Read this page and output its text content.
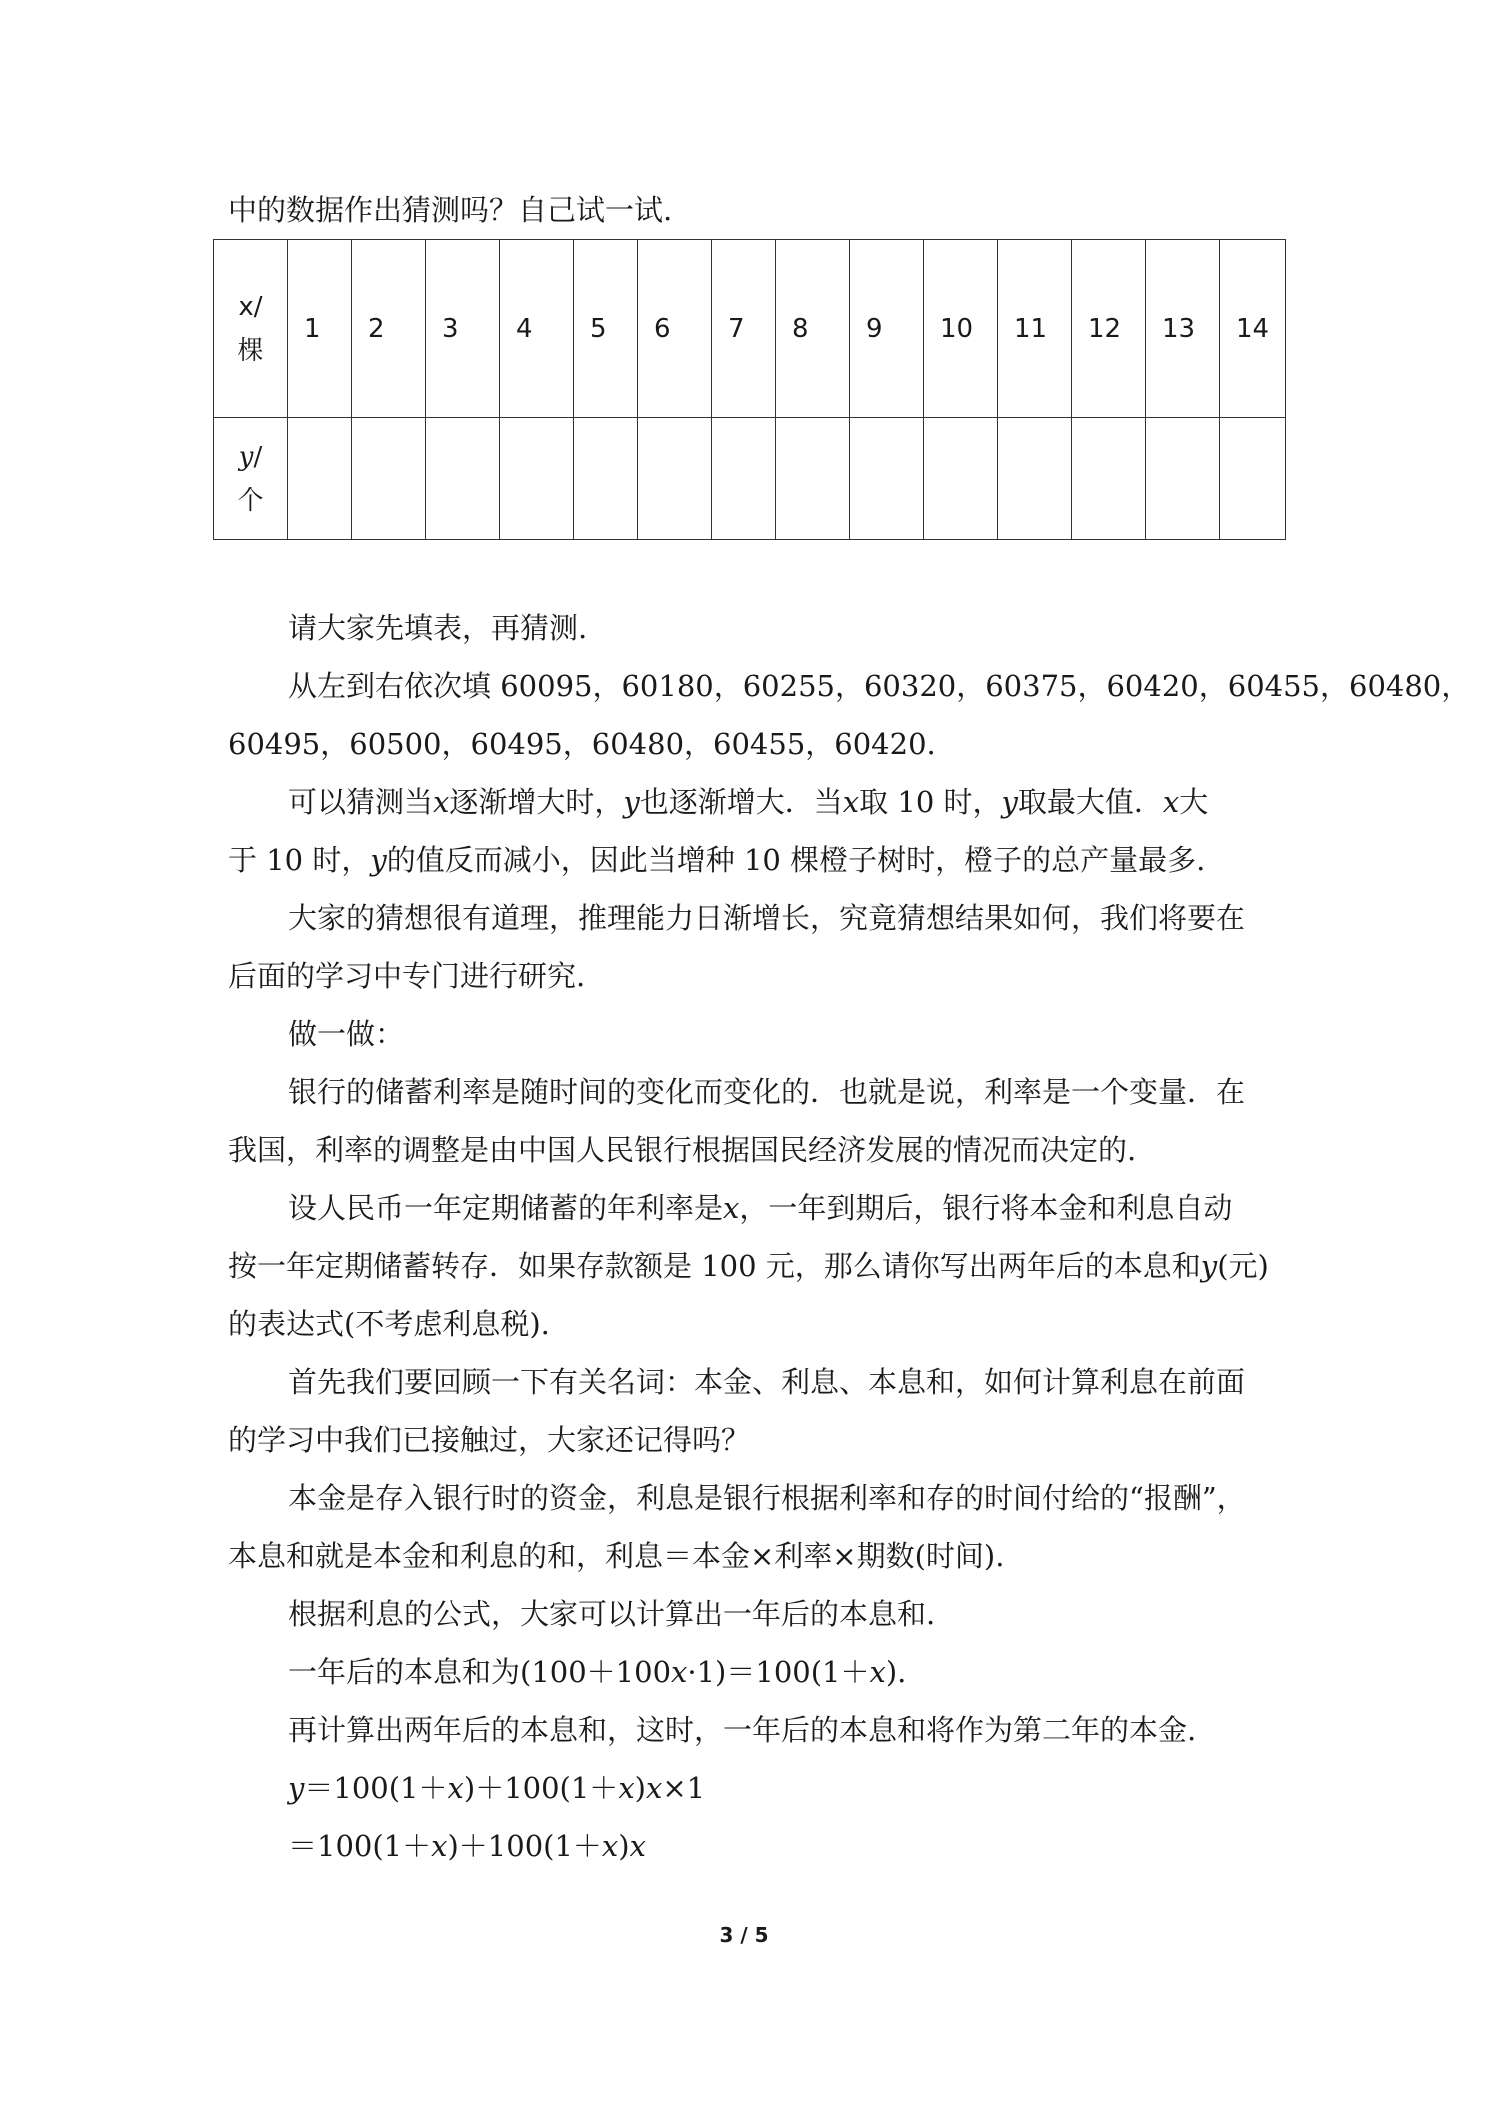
中的数据作出猜测吗？自己试一试.

x/
棵	1	2	3	4	5	6	7	8	9	10	11	12	13	14

y/
个														

请大家先填表，再猜测.

从左到右依次填 60095，60180，60255，60320，60375，60420，60455，60480，

60495，60500，60495，60480，60455，60420.

可以猜测当x逐渐增大时，y也逐渐增大．当x取 10 时，y取最大值．x大

于 10 时，y的值反而减小，因此当增种 10 棵橙子树时，橙子的总产量最多.

大家的猜想很有道理，推理能力日渐增长，究竟猜想结果如何，我们将要在

后面的学习中专门进行研究.

做一做：

银行的储蓄利率是随时间的变化而变化的．也就是说，利率是一个变量．在

我国，利率的调整是由中国人民银行根据国民经济发展的情况而决定的.

设人民币一年定期储蓄的年利率是x，一年到期后，银行将本金和利息自动

按一年定期储蓄转存．如果存款额是 100 元，那么请你写出两年后的本息和y(元)

的表达式(不考虑利息税).

首先我们要回顾一下有关名词：本金、利息、本息和，如何计算利息在前面

的学习中我们已接触过，大家还记得吗？

本金是存入银行时的资金，利息是银行根据利率和存的时间付给的“报酬”，

本息和就是本金和利息的和，利息＝本金×利率×期数(时间).

根据利息的公式，大家可以计算出一年后的本息和.

一年后的本息和为(100＋100x·1)＝100(1＋x).

再计算出两年后的本息和，这时，一年后的本息和将作为第二年的本金.

y＝100(1＋x)＋100(1＋x)x×1

＝100(1＋x)＋100(1＋x)x

3 / 5
